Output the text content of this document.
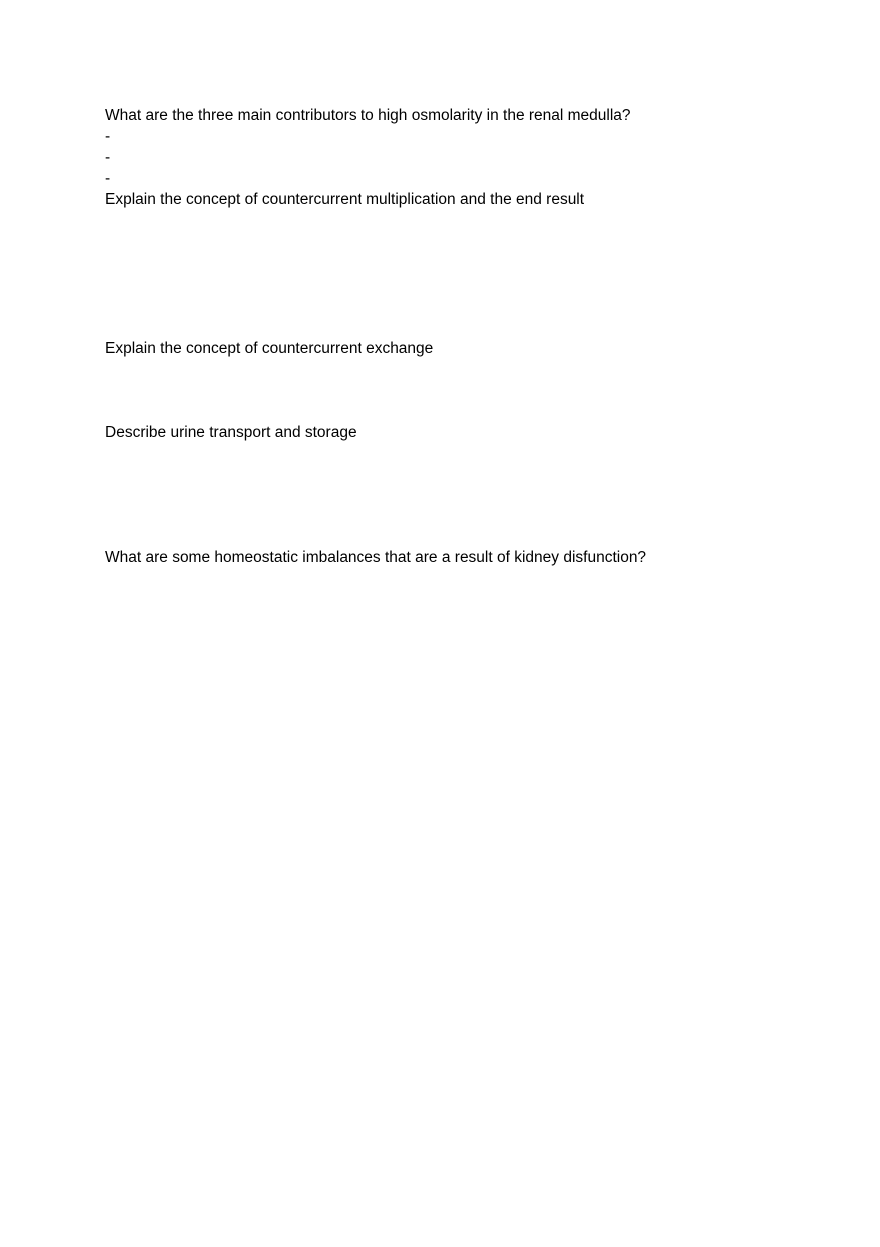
What are the three main contributors to high osmolarity in the renal medulla?
-
-
-
Explain the concept of countercurrent multiplication and the end result
Explain the concept of countercurrent exchange
Describe urine transport and storage
What are some homeostatic imbalances that are a result of kidney disfunction?
